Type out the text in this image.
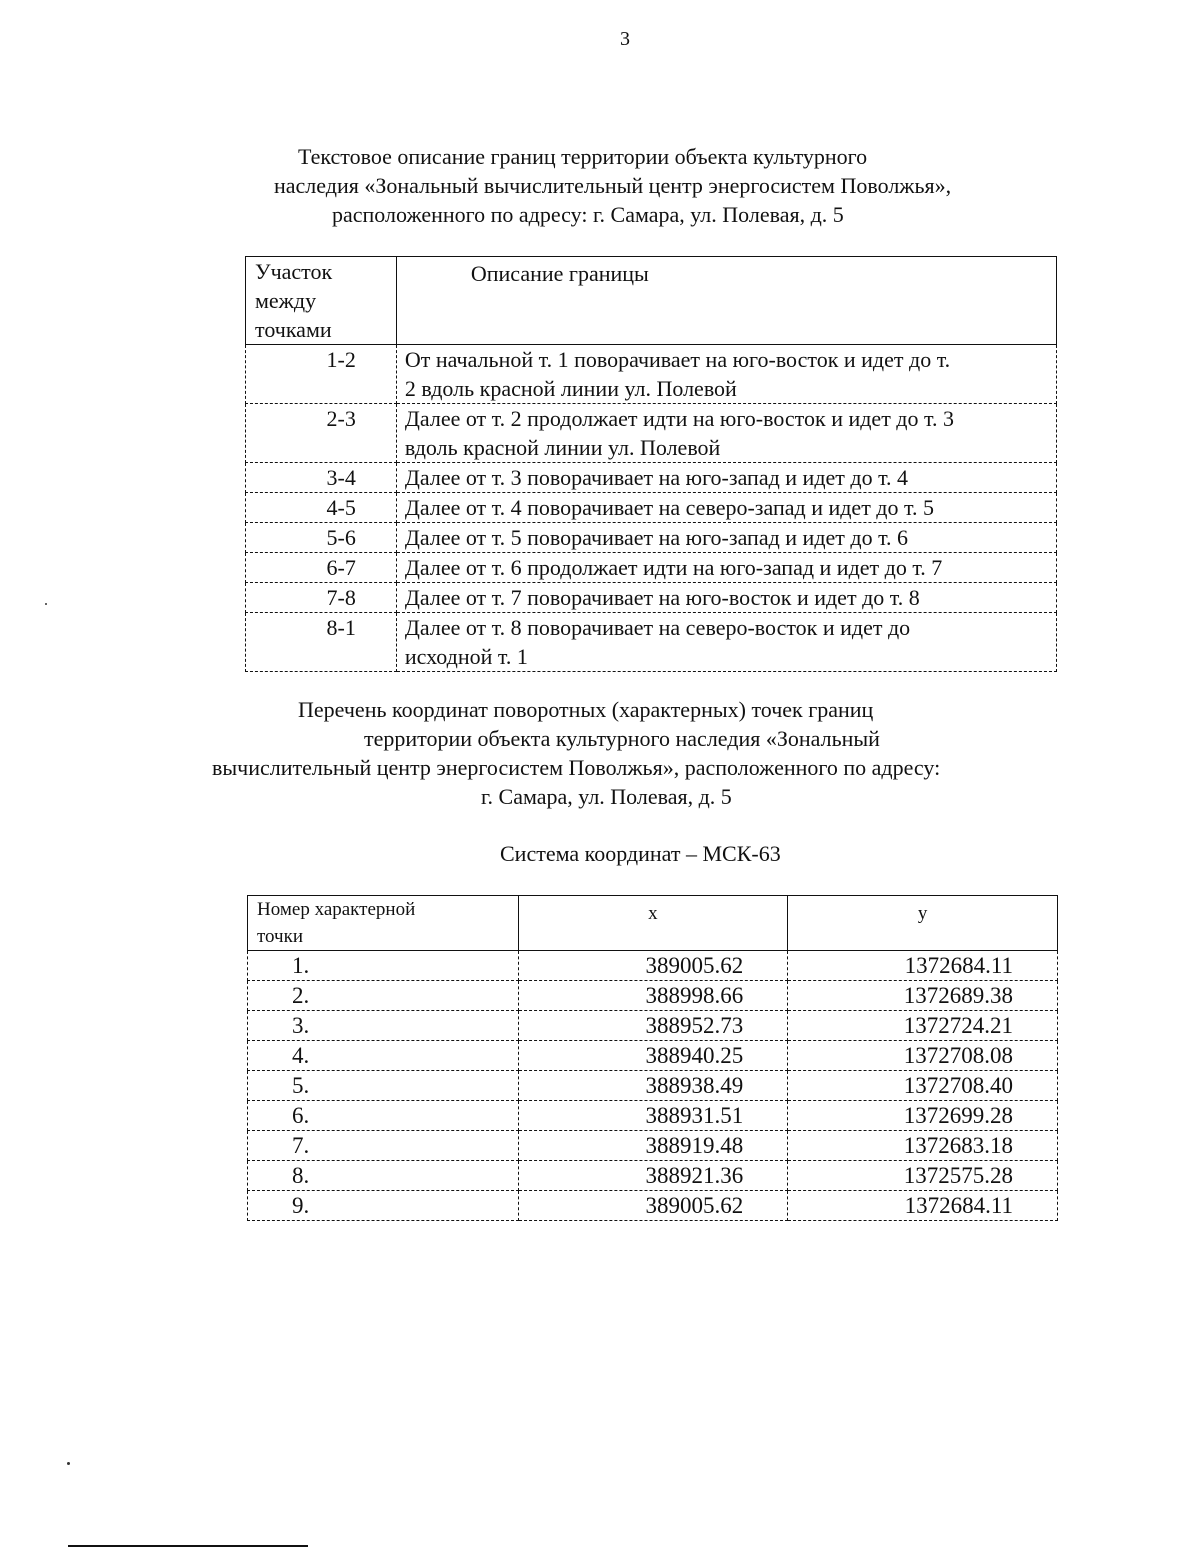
3
Текстовое описание границ территории объекта культурного
наследия «Зональный вычислительный центр энергосистем Поволжья»,
расположенного по адресу: г. Самара, ул. Полевая, д. 5
Участок
между
точками	Описание границы
1-2	От начальной т. 1 поворачивает на юго-восток и идет до т.
2 вдоль красной линии ул. Полевой

2-3	Далее от т. 2 продолжает идти на юго-восток и идет до т. 3
вдоль красной линии ул. Полевой

3-4	Далее от т. 3 поворачивает на юго-запад и идет до т. 4

4-5	Далее от т. 4 поворачивает на северо-запад и идет до т. 5

5-6	Далее от т. 5 поворачивает на юго-запад и идет до т. 6

6-7	Далее от т. 6 продолжает идти на юго-запад и идет до т. 7

7-8	Далее от т. 7 поворачивает на юго-восток и идет до т. 8

8-1	Далее от т. 8 поворачивает на северо-восток и идет до
исходной т. 1
Перечень координат поворотных (характерных) точек границ
территории объекта культурного наследия «Зональный
вычислительный центр энергосистем Поволжья», расположенного по адресу:
г. Самара, ул. Полевая, д. 5
Система координат – МСК-63
Номер характерной
точки	x	y
1.	389005.62	1372684.11
2.	388998.66	1372689.38
3.	388952.73	1372724.21
4.	388940.25	1372708.08
5.	388938.49	1372708.40
6.	388931.51	1372699.28
7.	388919.48	1372683.18
8.	388921.36	1372575.28
9.	389005.62	1372684.11
